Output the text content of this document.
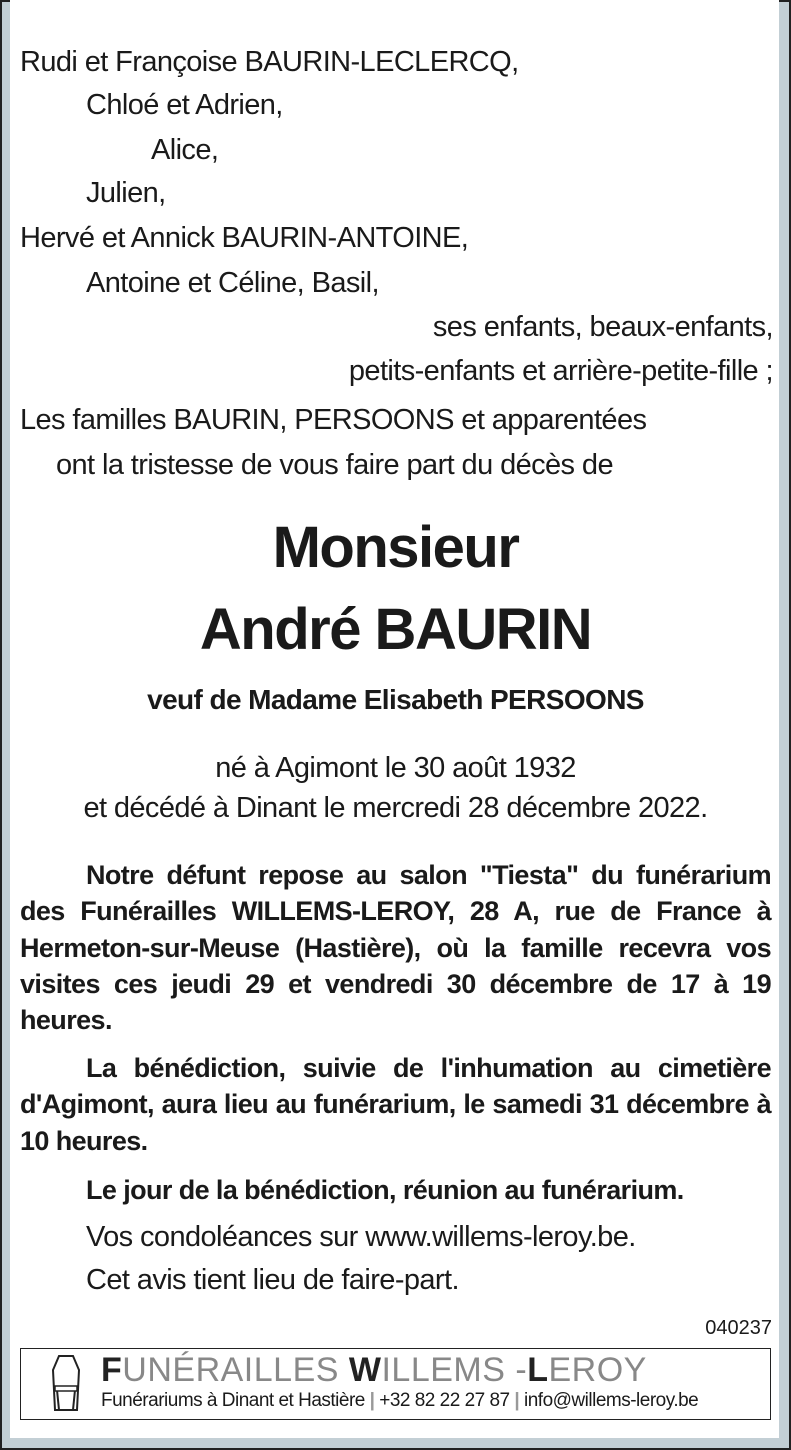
Rudi et Françoise BAURIN-LECLERCQ,
Chloé et Adrien,
Alice,
Julien,
Hervé et Annick BAURIN-ANTOINE,
Antoine et Céline, Basil,
ses enfants, beaux-enfants,
petits-enfants et arrière-petite-fille ;
Les familles BAURIN, PERSOONS et apparentées
ont la tristesse de vous faire part du décès de
Monsieur
André BAURIN
veuf de Madame Elisabeth PERSOONS
né à Agimont le 30 août 1932
et décédé à Dinant le mercredi 28 décembre 2022.
Notre défunt repose au salon "Tiesta" du funérarium des Funérailles WILLEMS-LEROY, 28 A, rue de France à Hermeton-sur-Meuse (Hastière), où la famille recevra vos visites ces jeudi 29 et vendredi 30 décembre de 17 à 19 heures.
La bénédiction, suivie de l'inhumation au cimetière d'Agimont, aura lieu au funérarium, le samedi 31 décembre à 10 heures.
Le jour de la bénédiction, réunion au funérarium.
Vos condoléances sur www.willems-leroy.be.
Cet avis tient lieu de faire-part.
040237
FUNÉRAILLES WILLEMS -LEROY
Funérariums à Dinant et Hastière | +32 82 22 27 87 | info@willems-leroy.be
